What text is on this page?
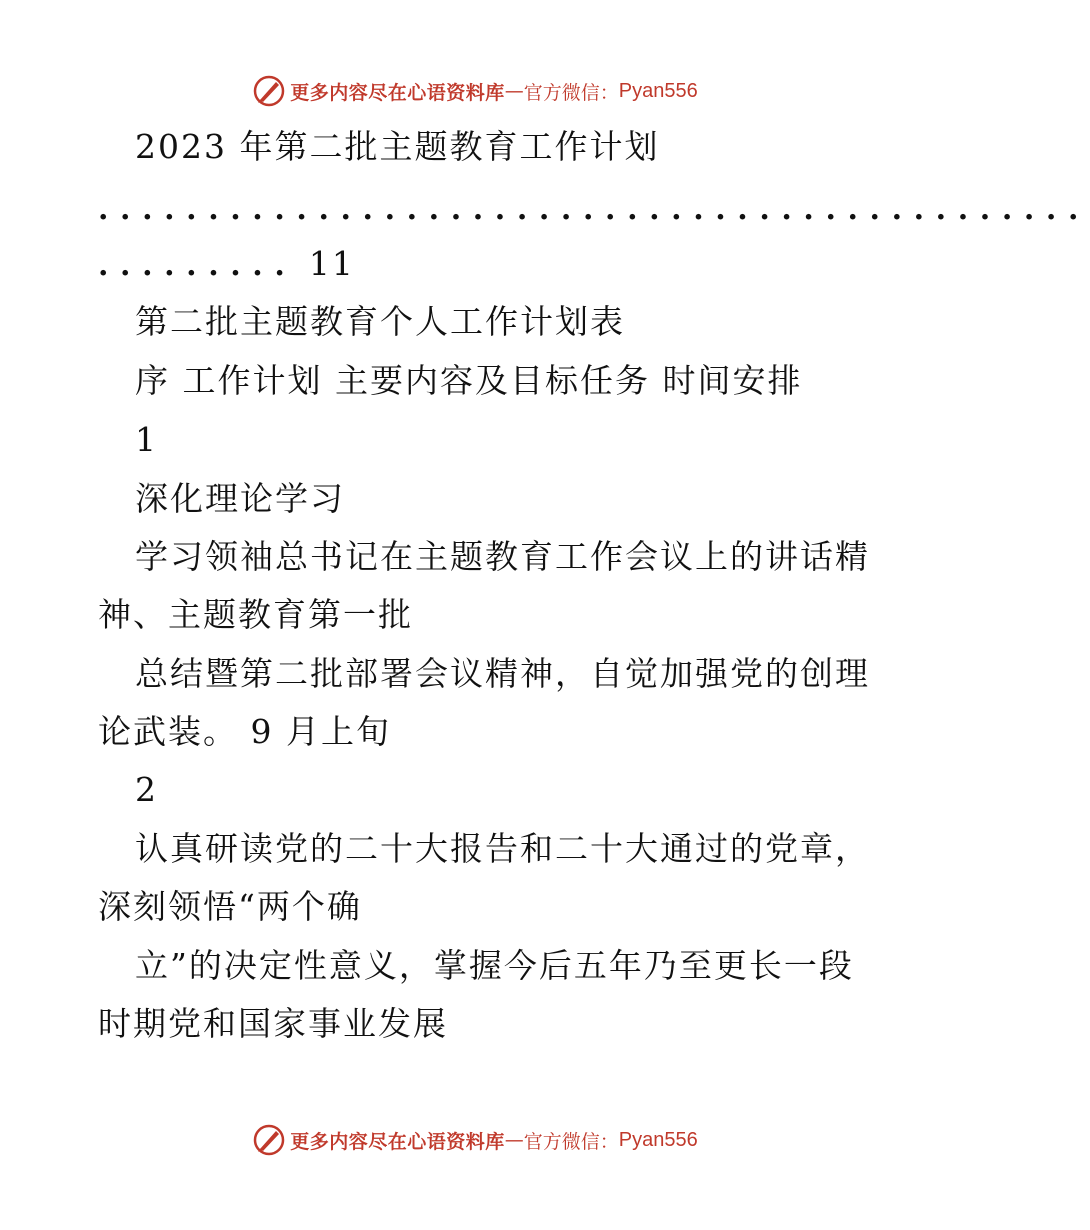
更多内容尽在心语资料库 — 官方微信： Pyan556
2023 年第二批主题教育工作计划
.............................................
......... 11
第二批主题教育个人工作计划表
序 工作计划 主要内容及目标任务 时间安排
1
深化理论学习
学习领袖总书记在主题教育工作会议上的讲话精
神、主题教育第一批
总结暨第二批部署会议精神，自觉加强党的创理
论武装。 9 月上旬
2
认真研读党的二十大报告和二十大通过的党章，
深刻领悟“两个确
立”的决定性意义，掌握今后五年乃至更长一段
时期党和国家事业发展
更多内容尽在心语资料库 — 官方微信： Pyan556
